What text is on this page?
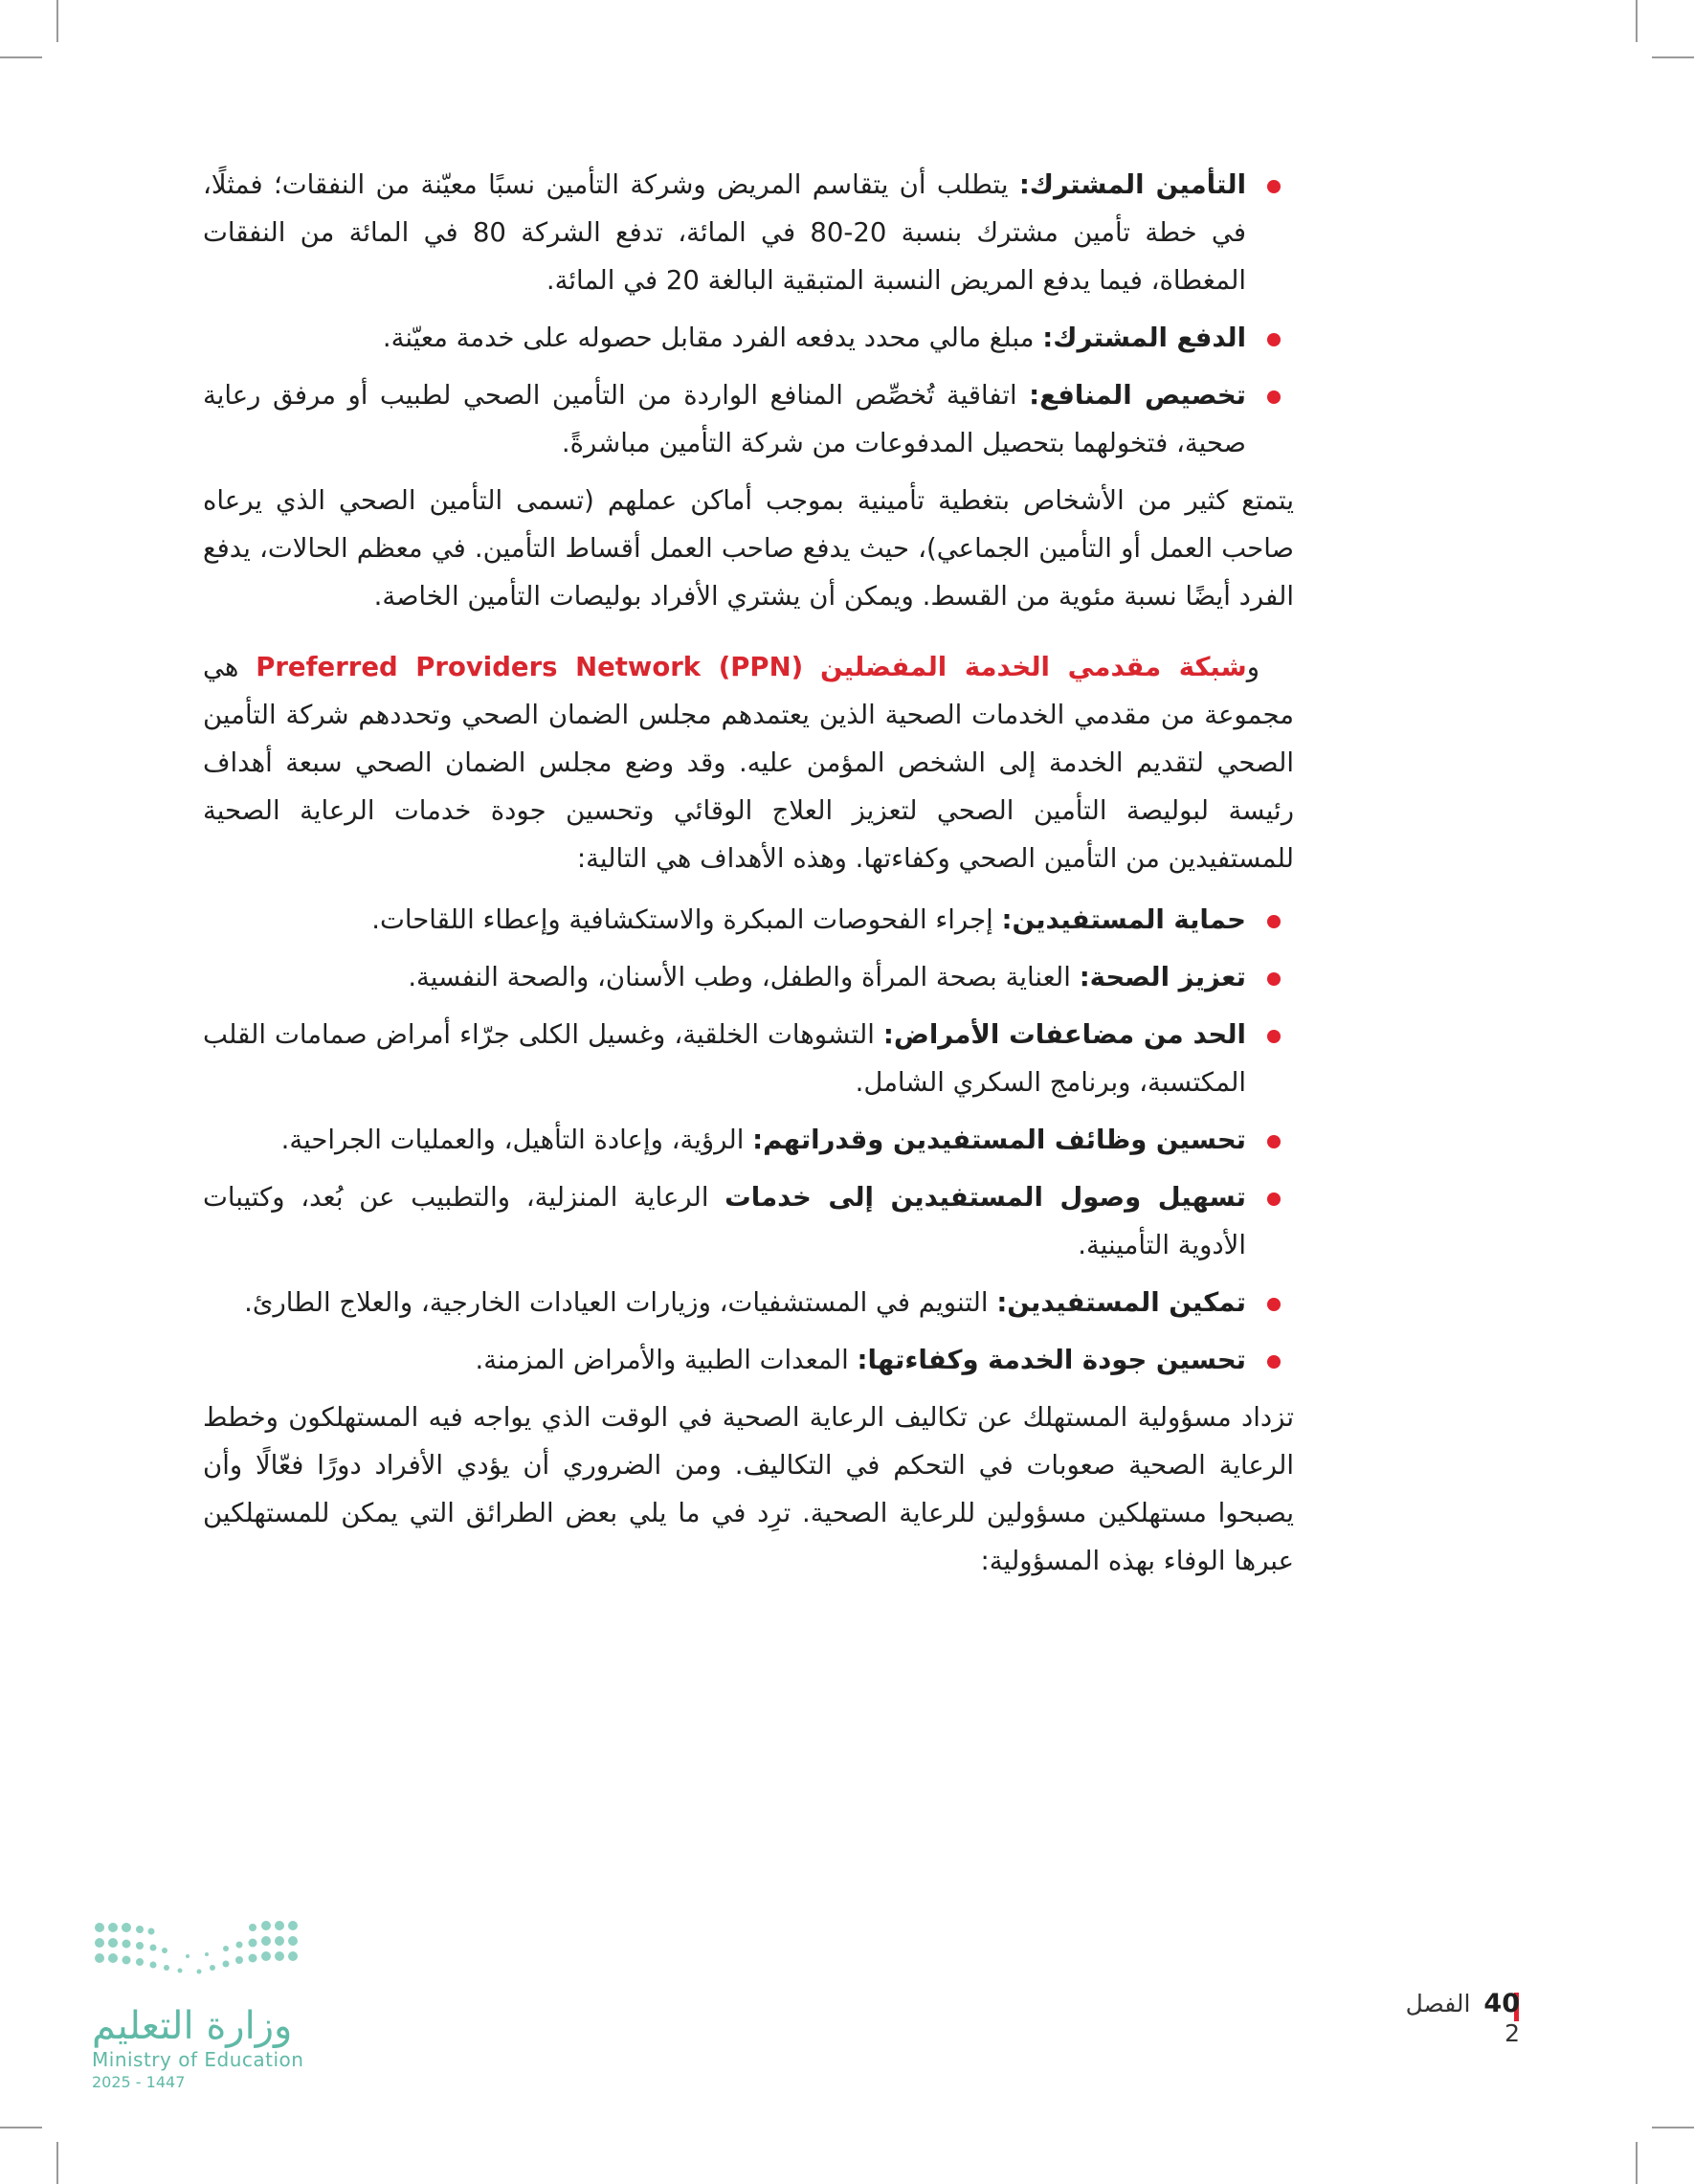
التأمين المشترك: يتطلب أن يتقاسم المريض وشركة التأمين نسبًا معيّنة من النفقات؛ فمثلًا، في خطة تأمين مشترك بنسبة 20-80 في المائة، تدفع الشركة 80 في المائة من النفقات المغطاة، فيما يدفع المريض النسبة المتبقية البالغة 20 في المائة.
الدفع المشترك: مبلغ مالي محدد يدفعه الفرد مقابل حصوله على خدمة معيّنة.
تخصيص المنافع: اتفاقية تُخصِّص المنافع الواردة من التأمين الصحي لطبيب أو مرفق رعاية صحية، فتخولهما بتحصيل المدفوعات من شركة التأمين مباشرةً.

يتمتع كثير من الأشخاص بتغطية تأمينية بموجب أماكن عملهم (تسمى التأمين الصحي الذي يرعاه صاحب العمل أو التأمين الجماعي)، حيث يدفع صاحب العمل أقساط التأمين. في معظم الحالات، يدفع الفرد أيضًا نسبة مئوية من القسط. ويمكن أن يشتري الأفراد بوليصات التأمين الخاصة.

وشبكة مقدمي الخدمة المفضلين Preferred Providers Network (PPN) هي مجموعة من مقدمي الخدمات الصحية الذين يعتمدهم مجلس الضمان الصحي وتحددهم شركة التأمين الصحي لتقديم الخدمة إلى الشخص المؤمن عليه. وقد وضع مجلس الضمان الصحي سبعة أهداف رئيسة لبوليصة التأمين الصحي لتعزيز العلاج الوقائي وتحسين جودة خدمات الرعاية الصحية للمستفيدين من التأمين الصحي وكفاءتها. وهذه الأهداف هي التالية:

حماية المستفيدين: إجراء الفحوصات المبكرة والاستكشافية وإعطاء اللقاحات.
تعزيز الصحة: العناية بصحة المرأة والطفل، وطب الأسنان، والصحة النفسية.
الحد من مضاعفات الأمراض: التشوهات الخلقية، وغسيل الكلى جرّاء أمراض صمامات القلب المكتسبة، وبرنامج السكري الشامل.
تحسين وظائف المستفيدين وقدراتهم: الرؤية، وإعادة التأهيل، والعمليات الجراحية.
تسهيل وصول المستفيدين إلى خدمات الرعاية المنزلية، والتطبيب عن بُعد، وكتيبات الأدوية التأمينية.
تمكين المستفيدين: التنويم في المستشفيات، وزيارات العيادات الخارجية، والعلاج الطارئ.
تحسين جودة الخدمة وكفاءتها: المعدات الطبية والأمراض المزمنة.

تزداد مسؤولية المستهلك عن تكاليف الرعاية الصحية في الوقت الذي يواجه فيه المستهلكون وخطط الرعاية الصحية صعوبات في التحكم في التكاليف. ومن الضروري أن يؤدي الأفراد دورًا فعّالًا وأن يصبحوا مستهلكين مسؤولين للرعاية الصحية. ترِد في ما يلي بعض الطرائق التي يمكن للمستهلكين عبرها الوفاء بهذه المسؤولية:

40الفصل 2
وزارة التعليم
Ministry of Education
2025 - 1447
